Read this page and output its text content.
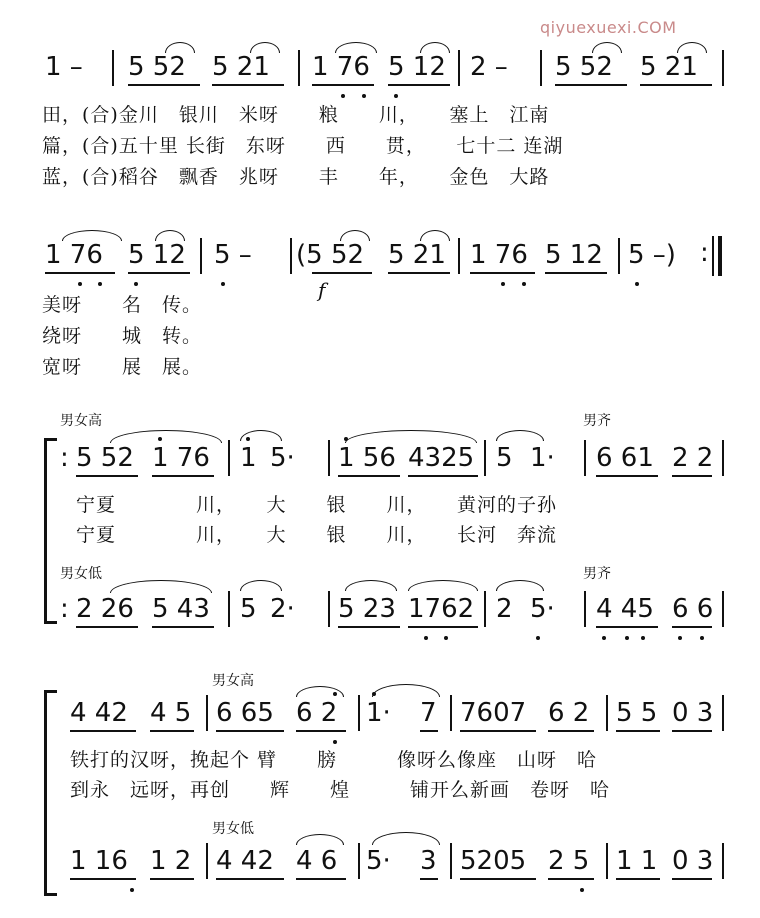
qiyuexuexi.COM
1 – 5 52 5 21 1 76 5 12 2 – 5 52 5 21
田，(合)金川　银川　米呀　　粮　　川，　　塞上　江南
篇，(合)五十里 长街　东呀　　西　　贯，　　七十二 连湖
蓝，(合)稻谷　飘香　兆呀　　丰　　年，　　金色　大路
1 76 5 12 5 – (5 52 5 21 1 76 5 12 5 –) :
f
美呀　　名　传。
绕呀　　城　转。
宽呀　　展　展。
男女高	男齐
: 5 52 1 76 1 5· 1 56 4325 5 1· 6 61 2 2
宁夏　　　　川，　　大　　银　　川，　　黄河的子孙
宁夏　　　　川，　　大　　银　　川，　　长河　奔流
男女低	男齐
: 2 26 5 43 5 2· 5 23 1762 2 5· 4 45 6 6
男女高
4 42 4 5 6 65 6 2 1· 7 7607 6 2 5 5 0 3
铁打的汉呀，挽起个 臂　　膀　　　像呀么像座　山呀　哈
到永　远呀，再创　　辉　　煌　　　铺开么新画　卷呀　哈
男女低
1 16 1 2 4 42 4 6 5· 3 5205 2 5 1 1 0 3
